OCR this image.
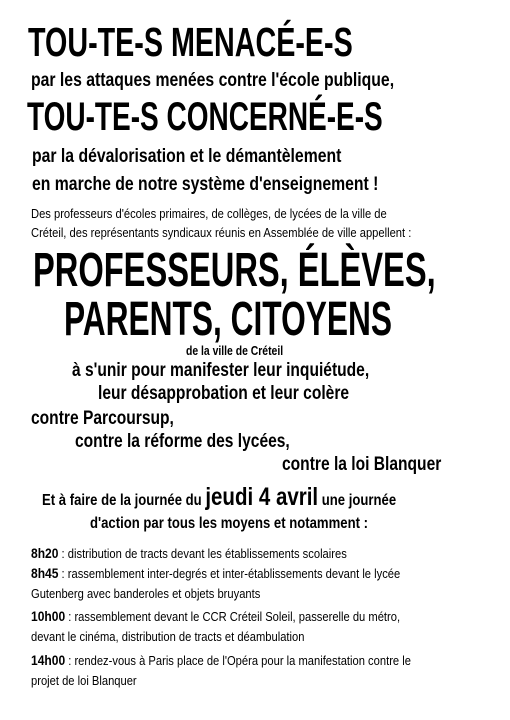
TOU-TE-S MENACÉ-E-S
par les attaques menées contre l'école publique,
TOU-TE-S CONCERNÉ-E-S
par la dévalorisation et le démantèlement
en marche de notre système d'enseignement !
Des professeurs d'écoles primaires, de collèges, de lycées de la ville de
Créteil, des représentants syndicaux réunis en Assemblée de ville appellent :
PROFESSEURS, ÉLÈVES,
PARENTS, CITOYENS
de la ville de Créteil
à s'unir pour manifester leur inquiétude,
leur désapprobation et leur colère
contre Parcoursup,
contre la réforme des lycées,
contre la loi Blanquer
Et à faire de la journée du jeudi 4 avril une journée
d'action par tous les moyens et notamment :
8h20 : distribution de tracts devant les établissements scolaires
8h45 : rassemblement inter-degrés et inter-établissements devant le lycée
Gutenberg avec banderoles et objets bruyants
10h00 : rassemblement devant le CCR Créteil Soleil, passerelle du métro,
devant le cinéma, distribution de tracts et déambulation
14h00 : rendez-vous à Paris place de l'Opéra pour la manifestation contre le
projet de loi Blanquer
